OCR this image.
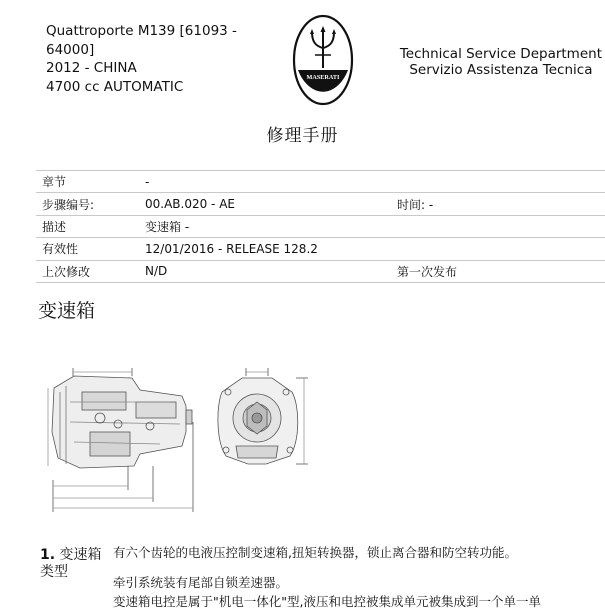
Quattroporte M139 [61093 -
64000]
2012 - CHINA
4700 cc AUTOMATIC
MASERATI
Technical Service Department
Servizio Assistenza Tecnica
修理手册
章节	-	
步骤编号:	00.AB.020 - AE	时间: -
描述	变速箱 -	
有效性	12/01/2016 - RELEASE 128.2	
上次修改	N/D	第一次发布
变速箱
1. 变速箱
类型
有六个齿轮的电液压控制变速箱,扭矩转换器，锁止离合器和防空转功能。
牵引系统装有尾部自锁差速器。
变速箱电控是属于"机电一体化"型,液压和电控被集成单元被集成到一个单一单
